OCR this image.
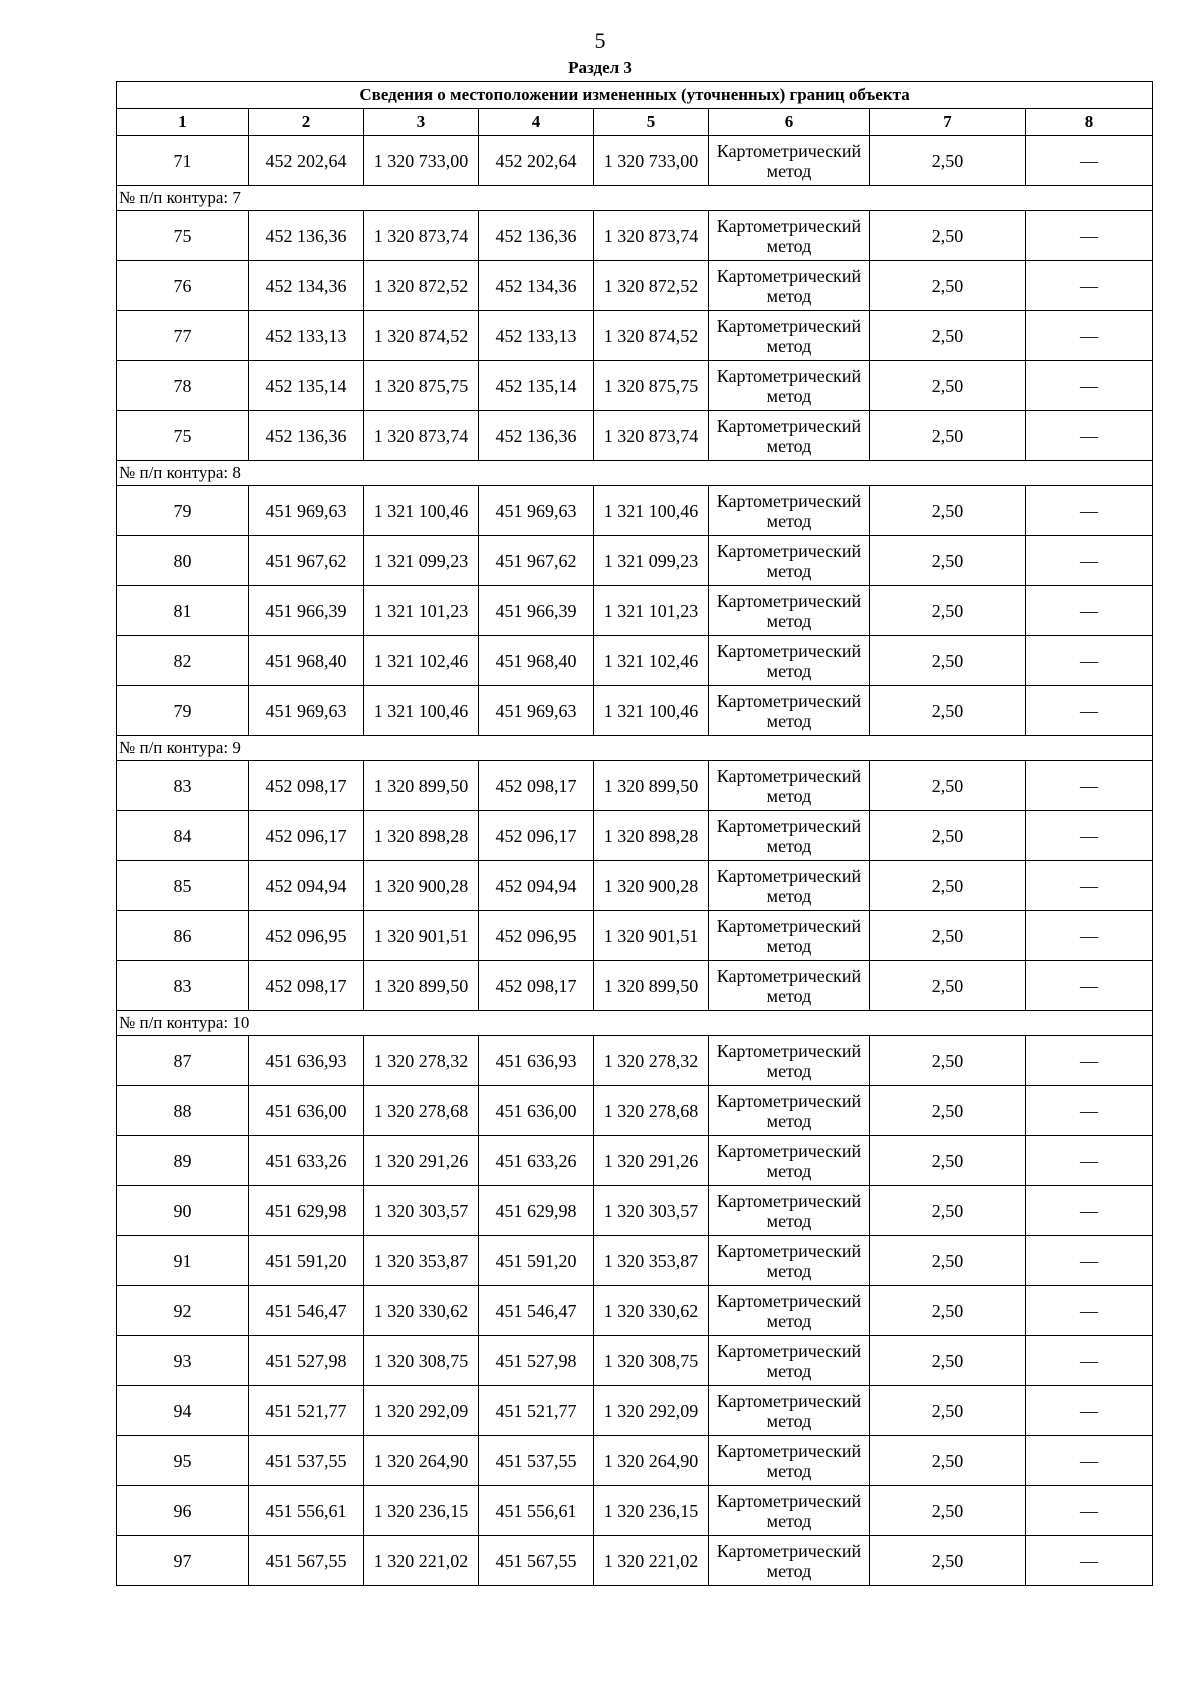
5
Раздел 3
Сведения о местоположении измененных (уточненных) границ объекта							
1	2	3	4	5	6	7	8
71	452 202,64	1 320 733,00	452 202,64	1 320 733,00	Картометрический метод	2,50	—
№ п/п контура: 7							
75	452 136,36	1 320 873,74	452 136,36	1 320 873,74	Картометрический метод	2,50	—
76	452 134,36	1 320 872,52	452 134,36	1 320 872,52	Картометрический метод	2,50	—
77	452 133,13	1 320 874,52	452 133,13	1 320 874,52	Картометрический метод	2,50	—
78	452 135,14	1 320 875,75	452 135,14	1 320 875,75	Картометрический метод	2,50	—
75	452 136,36	1 320 873,74	452 136,36	1 320 873,74	Картометрический метод	2,50	—
№ п/п контура: 8							
79	451 969,63	1 321 100,46	451 969,63	1 321 100,46	Картометрический метод	2,50	—
80	451 967,62	1 321 099,23	451 967,62	1 321 099,23	Картометрический метод	2,50	—
81	451 966,39	1 321 101,23	451 966,39	1 321 101,23	Картометрический метод	2,50	—
82	451 968,40	1 321 102,46	451 968,40	1 321 102,46	Картометрический метод	2,50	—
79	451 969,63	1 321 100,46	451 969,63	1 321 100,46	Картометрический метод	2,50	—
№ п/п контура: 9							
83	452 098,17	1 320 899,50	452 098,17	1 320 899,50	Картометрический метод	2,50	—
84	452 096,17	1 320 898,28	452 096,17	1 320 898,28	Картометрический метод	2,50	—
85	452 094,94	1 320 900,28	452 094,94	1 320 900,28	Картометрический метод	2,50	—
86	452 096,95	1 320 901,51	452 096,95	1 320 901,51	Картометрический метод	2,50	—
83	452 098,17	1 320 899,50	452 098,17	1 320 899,50	Картометрический метод	2,50	—
№ п/п контура: 10							
87	451 636,93	1 320 278,32	451 636,93	1 320 278,32	Картометрический метод	2,50	—
88	451 636,00	1 320 278,68	451 636,00	1 320 278,68	Картометрический метод	2,50	—
89	451 633,26	1 320 291,26	451 633,26	1 320 291,26	Картометрический метод	2,50	—
90	451 629,98	1 320 303,57	451 629,98	1 320 303,57	Картометрический метод	2,50	—
91	451 591,20	1 320 353,87	451 591,20	1 320 353,87	Картометрический метод	2,50	—
92	451 546,47	1 320 330,62	451 546,47	1 320 330,62	Картометрический метод	2,50	—
93	451 527,98	1 320 308,75	451 527,98	1 320 308,75	Картометрический метод	2,50	—
94	451 521,77	1 320 292,09	451 521,77	1 320 292,09	Картометрический метод	2,50	—
95	451 537,55	1 320 264,90	451 537,55	1 320 264,90	Картометрический метод	2,50	—
96	451 556,61	1 320 236,15	451 556,61	1 320 236,15	Картометрический метод	2,50	—
97	451 567,55	1 320 221,02	451 567,55	1 320 221,02	Картометрический метод	2,50	—
